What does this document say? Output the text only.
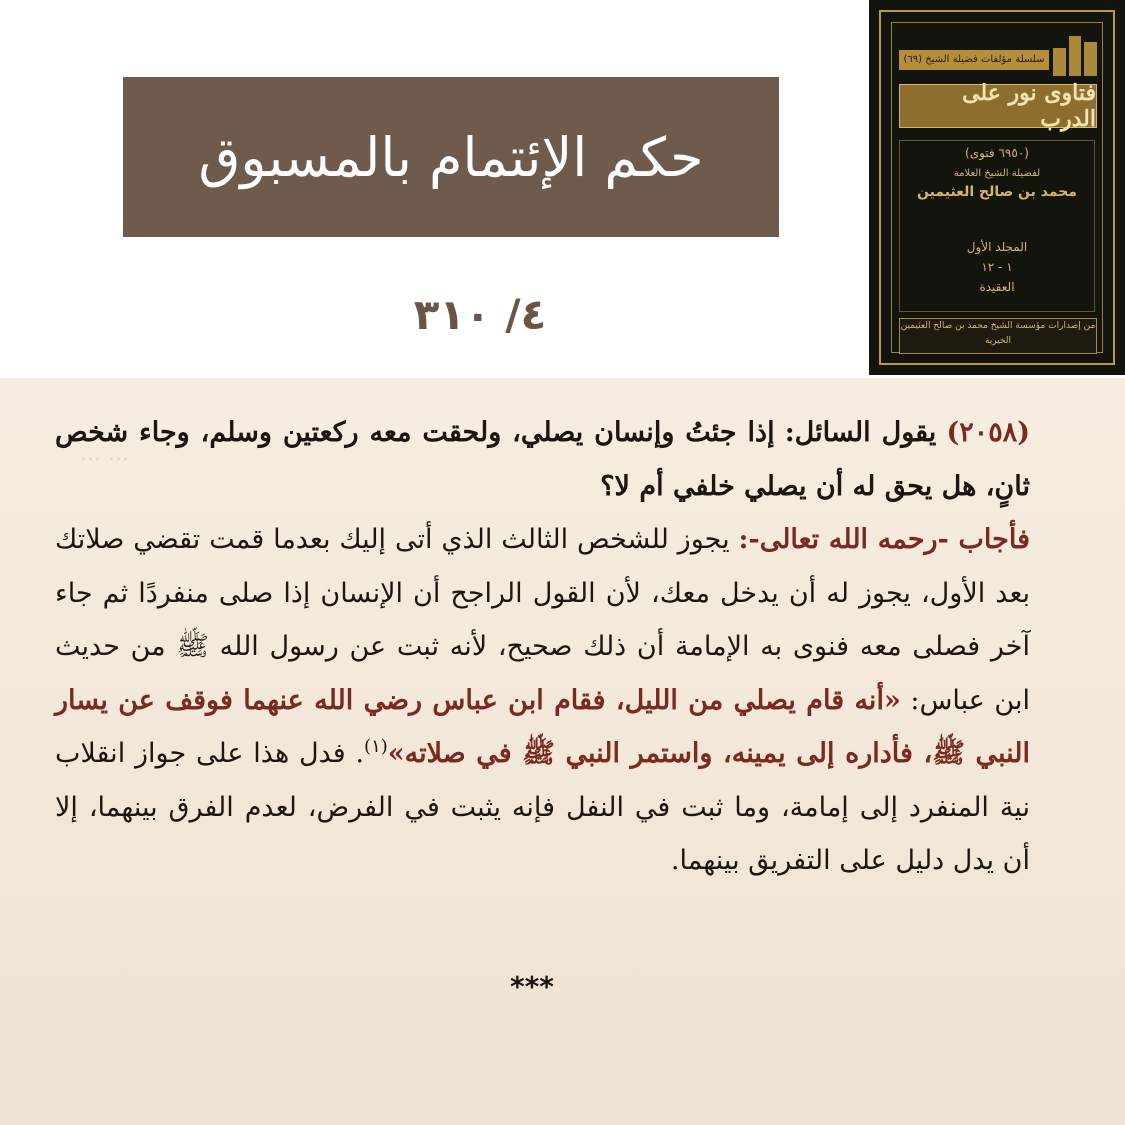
حكم الإئتمام بالمسبوق
٤/ ٣١٠
سلسلة مؤلفات فضيلة الشيخ (٦٩)
فتاوى نور على الدرب
(٦٩٥٠ فتوى)
لفضيلة الشيخ العلامة
محمد بن صالح العثيمين
المجلد الأول
١ - ١٢
العقيدة
من إصدارات مؤسسة الشيخ محمد بن صالح العثيمين الخيرية
··· ···
(٢٠٥٨) يقول السائل: إذا جئتُ وإنسان يصلي، ولحقت معه ركعتين وسلم، وجاء شخص ثانٍ، هل يحق له أن يصلي خلفي أم لا؟
فأجاب -رحمه الله تعالى-: يجوز للشخص الثالث الذي أتى إليك بعدما قمت تقضي صلاتك بعد الأول، يجوز له أن يدخل معك، لأن القول الراجح أن الإنسان إذا صلى منفردًا ثم جاء آخر فصلى معه فنوى به الإمامة أن ذلك صحيح، لأنه ثبت عن رسول الله ﷺ من حديث ابن عباس: «أنه قام يصلي من الليل، فقام ابن عباس رضي الله عنهما فوقف عن يسار النبي ﷺ، فأداره إلى يمينه، واستمر النبي ﷺ في صلاته»$^{(١)}$. فدل هذا على جواز انقلاب نية المنفرد إلى إمامة، وما ثبت في النفل فإنه يثبت في الفرض، لعدم الفرق بينهما، إلا أن يدل دليل على التفريق بينهما.
***
